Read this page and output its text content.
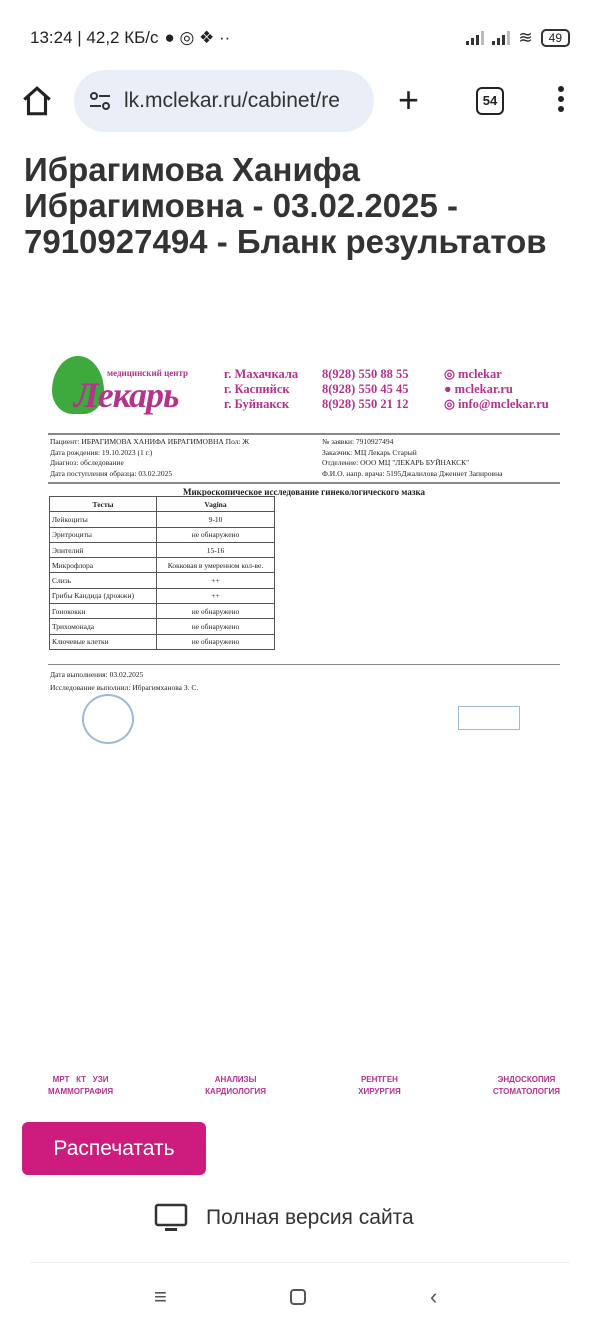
13:24 | 42,2 КБ/с ● ◎ ❖ ··	≋	49
lk.mclekar.ru/cabinet/re +	54
Ибрагимова Ханифа Ибрагимовна - 03.02.2025 - 7910927494 - Бланк результатов
медицинский центр
Лекарь
г. Махачкала
г. Каспийск
г. Буйнакск
8(928) 550 88 55
8(928) 550 45 45
8(928) 550 21 12
◎ mclekar
● mclekar.ru
◎ info@mclekar.ru
Пациент: ИБРАГИМОВА ХАНИФА ИБРАГИМОВНА Пол: Ж
Дата рождения: 19.10.2023 (1 г.)
Диагноз: обследование
Дата поступления образца: 03.02.2025
№ заявки: 7910927494
Заказчик: МЦ Лекарь Старый
Отделение: ООО МЦ "ЛЕКАРЬ БУЙНАКСК"
Ф.И.О. напр. врача: 5195Джалилова Дженнет Запировна
Микроскопическое исследование гинекологического мазка
Тесты	Vagina
Лейкоциты	9-10
Эритроциты	не обнаружено
Эпителий	15-16
Микрофлора	Кокковая в умеренном кол-ве.
Слизь	++
Грибы Кандида (дрожжи)	++
Гонококки	не обнаружено
Трихомонада	не обнаружено
Ключевые клетки	не обнаружено
Дата выполнения: 03.02.2025
Исследование выполнил: Ибрагимханова З. С.
МРТ   КТ   УЗИ
МАММОГРАФИЯ
АНАЛИЗЫ
КАРДИОЛОГИЯ
РЕНТГЕН
ХИРУРГИЯ
ЭНДОСКОПИЯ
СТОМАТОЛОГИЯ
Распечатать
Полная версия сайта
≡	‹
